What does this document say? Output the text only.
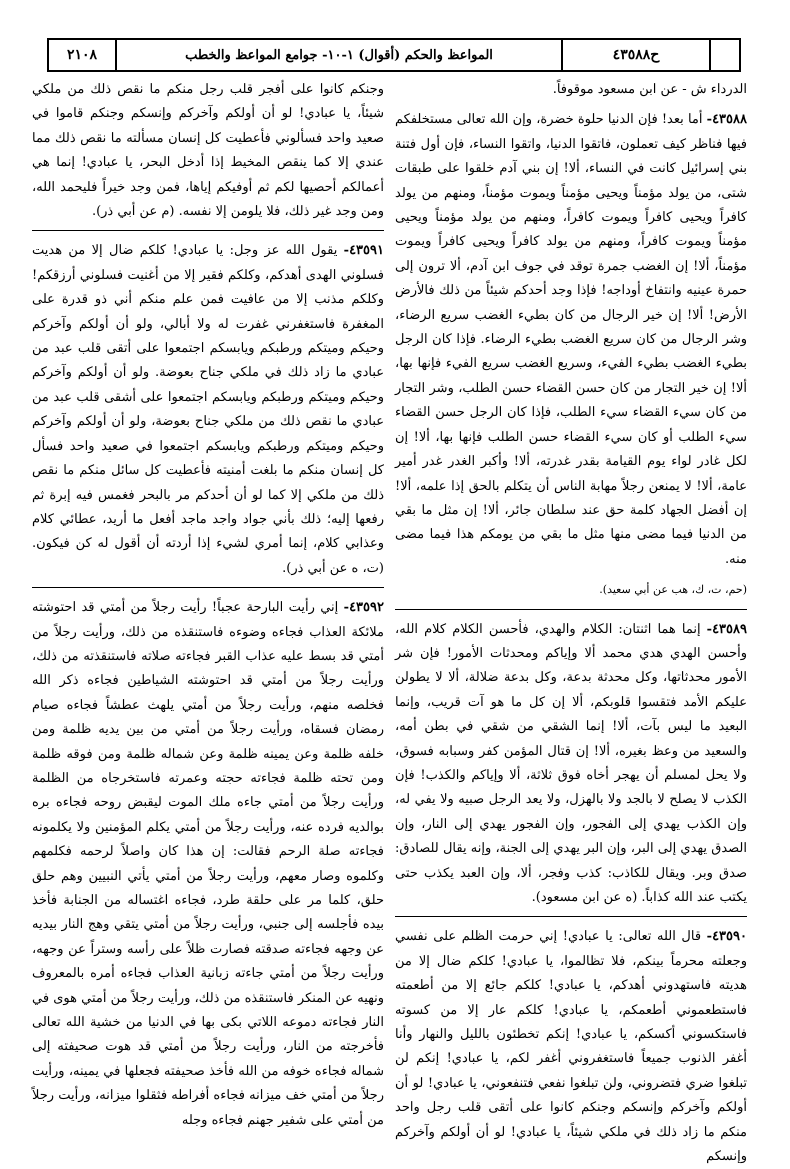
٢١٠٨	المواعظ والحكم (أقوال) ١-١٠- جوامع المواعظ والخطب	ح٤٣٥٨٨

الدرداء ش - عن ابن مسعود موقوفاً.

٤٣٥٨٨- أما بعد! فإن الدنيا حلوة خضرة، وإن الله تعالى مستخلفكم فيها فناظر كيف تعملون، فاتقوا الدنيا، واتقوا النساء، فإن أول فتنة بني إسرائيل كانت في النساء، ألا! إن بني آدم خلقوا على طبقات شتى، من يولد مؤمناً ويحيى مؤمناً ويموت مؤمناً، ومنهم من يولد كافراً ويحيى كافراً ويموت كافراً، ومنهم من يولد مؤمناً ويحيى مؤمناً ويموت كافراً، ومنهم من يولد كافراً ويحيى كافراً ويموت مؤمناً، ألا! إن الغضب جمرة توقد في جوف ابن آدم، ألا ترون إلى حمرة عينيه وانتفاخ أوداجه! فإذا وجد أحدكم شيئاً من ذلك فالأرض الأرض! ألا! إن خير الرجال من كان بطيء الغضب سريع الرضاء، وشر الرجال من كان سريع الغضب بطيء الرضاء. فإذا كان الرجل بطيء الغضب بطيء الفيء، وسريع الغضب سريع الفيء فإنها بها، ألا! إن خير التجار من كان حسن القضاء حسن الطلب، وشر التجار من كان سيء القضاء سيء الطلب، فإذا كان الرجل حسن القضاء سيء الطلب أو كان سيء القضاء حسن الطلب فإنها بها، ألا! إن لكل غادر لواء يوم القيامة بقدر غدرته، ألا! وأكبر الغدر غدر أمير عامة، ألا! لا يمنعن رجلاً مهابة الناس أن يتكلم بالحق إذا علمه، ألا! إن أفضل الجهاد كلمة حق عند سلطان جائر، ألا! إن مثل ما بقي من الدنيا فيما مضى منها مثل ما بقي من يومكم هذا فيما مضى منه.

(حم، ت، ك، هب عن أبي سعيد).

٤٣٥٨٩- إنما هما اثنتان: الكلام والهدي، فأحسن الكلام كلام الله، وأحسن الهدي هدي محمد ألا وإياكم ومحدثات الأمور! فإن شر الأمور محدثاتها، وكل محدثة بدعة، وكل بدعة ضلالة، ألا لا يطولن عليكم الأمد فتقسوا قلوبكم، ألا إن كل ما هو آت قريب، وإنما البعيد ما ليس بآت، ألا! إنما الشقي من شقي في بطن أمه، والسعيد من وعظ بغيره، ألا! إن قتال المؤمن كفر وسبابه فسوق، ولا يحل لمسلم أن يهجر أخاه فوق ثلاثة، ألا وإياكم والكذب! فإن الكذب لا يصلح لا بالجد ولا بالهزل، ولا يعد الرجل صبيه ولا يفي له، وإن الكذب يهدي إلى الفجور، وإن الفجور يهدي إلى النار، وإن الصدق يهدي إلى البر، وإن البر يهدي إلى الجنة، وإنه يقال للصادق: صدق وبر. ويقال للكاذب: كذب وفجر، ألا، وإن العبد يكذب حتى يكتب عند الله كذاباً. (ه عن ابن مسعود).

٤٣٥٩٠- قال الله تعالى: يا عبادي! إني حرمت الظلم على نفسي وجعلته محرماً بينكم، فلا تظالموا، يا عبادي! كلكم ضال إلا من هديته فاستهدوني أهدكم، يا عبادي! كلكم جائع إلا من أطعمته فاستطعموني أطعمكم، يا عبادي! كلكم عار إلا من كسوته فاستكسوني أكسكم، يا عبادي! إنكم تخطئون بالليل والنهار وأنا أغفر الذنوب جميعاً فاستغفروني أغفر لكم، يا عبادي! إنكم لن تبلغوا ضري فتضروني، ولن تبلغوا نفعي فتنفعوني، يا عبادي! لو أن أولكم وآخركم وإنسكم وجنكم كانوا على أتقى قلب رجل واحد منكم ما زاد ذلك في ملكي شيئاً، يا عبادي! لو أن أولكم وآخركم وإنسكم

وجنكم كانوا على أفجر قلب رجل منكم ما نقص ذلك من ملكي شيئاً، يا عبادي! لو أن أولكم وآخركم وإنسكم وجنكم قاموا في صعيد واحد فسألوني فأعطيت كل إنسان مسألته ما نقص ذلك مما عندي إلا كما ينقص المخيط إذا أدخل البحر، يا عبادي! إنما هي أعمالكم أحصيها لكم ثم أوفيكم إياها، فمن وجد خيراً فليحمد الله، ومن وجد غير ذلك، فلا يلومن إلا نفسه. (م عن أبي ذر).

٤٣٥٩١- يقول الله عز وجل: يا عبادي! كلكم ضال إلا من هديت فسلوني الهدى أهدكم، وكلكم فقير إلا من أغنيت فسلوني أرزقكم! وكلكم مذنب إلا من عافيت فمن علم منكم أني ذو قدرة على المغفرة فاستغفرني غفرت له ولا أبالي، ولو أن أولكم وآخركم وحيكم وميتكم ورطبكم ويابسكم اجتمعوا على أتقى قلب عبد من عبادي ما زاد ذلك في ملكي جناح بعوضة. ولو أن أولكم وآخركم وحيكم وميتكم ورطبكم ويابسكم اجتمعوا على أشقى قلب عبد من عبادي ما نقص ذلك من ملكي جناح بعوضة، ولو أن أولكم وآخركم وحيكم وميتكم ورطبكم ويابسكم اجتمعوا في صعيد واحد فسأل كل إنسان منكم ما بلغت أمنيته فأعطيت كل سائل منكم ما نقص ذلك من ملكي إلا كما لو أن أحدكم مر بالبحر فغمس فيه إبرة ثم رفعها إليه؛ ذلك بأني جواد واجد ماجد أفعل ما أريد، عطائي كلام وعذابي كلام، إنما أمري لشيء إذا أردته أن أقول له كن فيكون. (ت، ه عن أبي ذر).

٤٣٥٩٢- إني رأيت البارحة عجباً! رأيت رجلاً من أمتي قد احتوشته ملائكة العذاب فجاءه وضوءه فاستنقذه من ذلك، ورأيت رجلاً من أمتي قد بسط عليه عذاب القبر فجاءته صلاته فاستنقذته من ذلك، ورأيت رجلاً من أمتي قد احتوشته الشياطين فجاءه ذكر الله فخلصه منهم، ورأيت رجلاً من أمتي يلهث عطشاً فجاءه صيام رمضان فسقاه، ورأيت رجلاً من أمتي من بين يديه ظلمة ومن خلفه ظلمة وعن يمينه ظلمة وعن شماله ظلمة ومن فوقه ظلمة ومن تحته ظلمة فجاءته حجته وعمرته فاستخرجاه من الظلمة ورأيت رجلاً من أمتي جاءه ملك الموت ليقبض روحه فجاءه بره بوالديه فرده عنه، ورأيت رجلاً من أمتي يكلم المؤمنين ولا يكلمونه فجاءته صلة الرحم فقالت: إن هذا كان واصلاً لرحمه فكلمهم وكلموه وصار معهم، ورأيت رجلاً من أمتي يأتي النبيين وهم حلق حلق، كلما مر على حلقة طرد، فجاءه اغتساله من الجنابة فأخذ بيده فأجلسه إلى جنبي، ورأيت رجلاً من أمتي يتقي وهج النار بيديه عن وجهه فجاءته صدقته فصارت ظلاً على رأسه وستراً عن وجهه، ورأيت رجلاً من أمتي جاءته زبانية العذاب فجاءه أمره بالمعروف ونهيه عن المنكر فاستنقذه من ذلك، ورأيت رجلاً من أمتي هوى في النار فجاءته دموعه اللاتي بكى بها في الدنيا من خشية الله تعالى فأخرجته من النار، ورأيت رجلاً من أمتي قد هوت صحيفته إلى شماله فجاءه خوفه من الله فأخذ صحيفته فجعلها في يمينه، ورأيت رجلاً من أمتي خف ميزانه فجاءه أفراطه فثقلوا ميزانه، ورأيت رجلاً من أمتي على شفير جهنم فجاءه وجله
